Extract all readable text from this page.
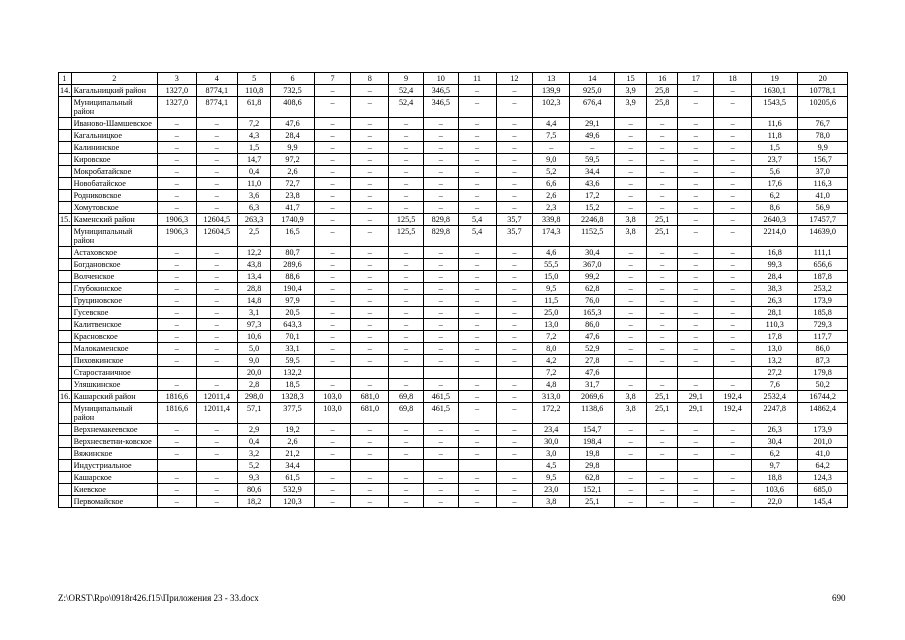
1	2	3	4	5	6	7	8	9	10	11	12	13	14	15	16	17	18	19	20
14.	Кагальницкий район	1327,0	8774,1	110,8	732,5	–	–	52,4	346,5	–	–	139,9	925,0	3,9	25,8	–	–	1630,1	10778,1
	Муниципальный район	1327,0	8774,1	61,8	408,6	–	–	52,4	346,5	–	–	102,3	676,4	3,9	25,8	–	–	1543,5	10205,6
	Иваново-Шамшевское	–	–	7,2	47,6	–	–	–	–	–	–	4,4	29,1	–	–	–	–	11,6	76,7
	Кагальницкое	–	–	4,3	28,4	–	–	–	–	–	–	7,5	49,6	–	–	–	–	11,8	78,0
	Калининское	–	–	1,5	9,9	–	–	–	–	–	–	–	–	–	–	–	–	1,5	9,9
	Кировское	–	–	14,7	97,2	–	–	–	–	–	–	9,0	59,5	–	–	–	–	23,7	156,7
	Мокробатайское	–	–	0,4	2,6	–	–	–	–	–	–	5,2	34,4	–	–	–	–	5,6	37,0
	Новобатайское	–	–	11,0	72,7	–	–	–	–	–	–	6,6	43,6	–	–	–	–	17,6	116,3
	Родниковское	–	–	3,6	23,8	–	–	–	–	–	–	2,6	17,2	–	–	–	–	6,2	41,0
	Хомутовское	–	–	6,3	41,7	–	–	–	–	–	–	2,3	15,2	–	–	–	–	8,6	56,9
15.	Каменский район	1906,3	12604,5	263,3	1740,9	–	–	125,5	829,8	5,4	35,7	339,8	2246,8	3,8	25,1	–	–	2640,3	17457,7
	Муниципальный район	1906,3	12604,5	2,5	16,5	–	–	125,5	829,8	5,4	35,7	174,3	1152,5	3,8	25,1	–	–	2214,0	14639,0
	Астаховское	–	–	12,2	80,7	–	–	–	–	–	–	4,6	30,4	–	–	–	–	16,8	111,1
	Богдановское	–	–	43,8	289,6	–	–	–	–	–	–	55,5	367,0	–	–	–	–	99,3	656,6
	Волченское	–	–	13,4	88,6	–	–	–	–	–	–	15,0	99,2	–	–	–	–	28,4	187,8
	Глубокинское	–	–	28,8	190,4	–	–	–	–	–	–	9,5	62,8	–	–	–	–	38,3	253,2
	Груциновское	–	–	14,8	97,9	–	–	–	–	–	–	11,5	76,0	–	–	–	–	26,3	173,9
	Гусевское	–	–	3,1	20,5	–	–	–	–	–	–	25,0	165,3	–	–	–	–	28,1	185,8
	Калитвенское	–	–	97,3	643,3	–	–	–	–	–	–	13,0	86,0	–	–	–	–	110,3	729,3
	Красновское	–	–	10,6	70,1	–	–	–	–	–	–	7,2	47,6	–	–	–	–	17,8	117,7
	Малокаменское	–	–	5,0	33,1	–	–	–	–	–	–	8,0	52,9	–	–	–	–	13,0	86,0
	Пиховкинское	–	–	9,0	59,5	–	–	–	–	–	–	4,2	27,8	–	–	–	–	13,2	87,3
	Старостаничное			20,0	132,2							7,2	47,6					27,2	179,8
	Уляшкинское	–	–	2,8	18,5	–	–	–	–	–	–	4,8	31,7	–	–	–	–	7,6	50,2
16.	Кашарский район	1816,6	12011,4	298,0	1328,3	103,0	681,0	69,8	461,5	–	–	313,0	2069,6	3,8	25,1	29,1	192,4	2532,4	16744,2
	Муниципальный район	1816,6	12011,4	57,1	377,5	103,0	681,0	69,8	461,5	–	–	172,2	1138,6	3,8	25,1	29,1	192,4	2247,8	14862,4
	Верхнемакеевское	–	–	2,9	19,2	–	–	–	–	–	–	23,4	154,7	–	–	–	–	26,3	173,9
	Верхнесветни-ковское	–	–	0,4	2,6	–	–	–	–	–	–	30,0	198,4	–	–	–	–	30,4	201,0
	Вяжинское	–	–	3,2	21,2	–	–	–	–	–	–	3,0	19,8	–	–	–	–	6,2	41,0
	Индустриальное			5,2	34,4							4,5	29,8					9,7	64,2
	Кашарское	–	–	9,3	61,5	–	–	–	–	–	–	9,5	62,8	–	–	–	–	18,8	124,3
	Киевское	–	–	80,6	532,9	–	–	–	–	–	–	23,0	152,1	–	–	–	–	103,6	685,0
	Первомайское	–	–	18,2	120,3	–	–	–	–	–	–	3,8	25,1	–	–	–	–	22,0	145,4
Z:\ORST\Rpo\0918r426.f15\Приложения 23 - 33.docx	690
